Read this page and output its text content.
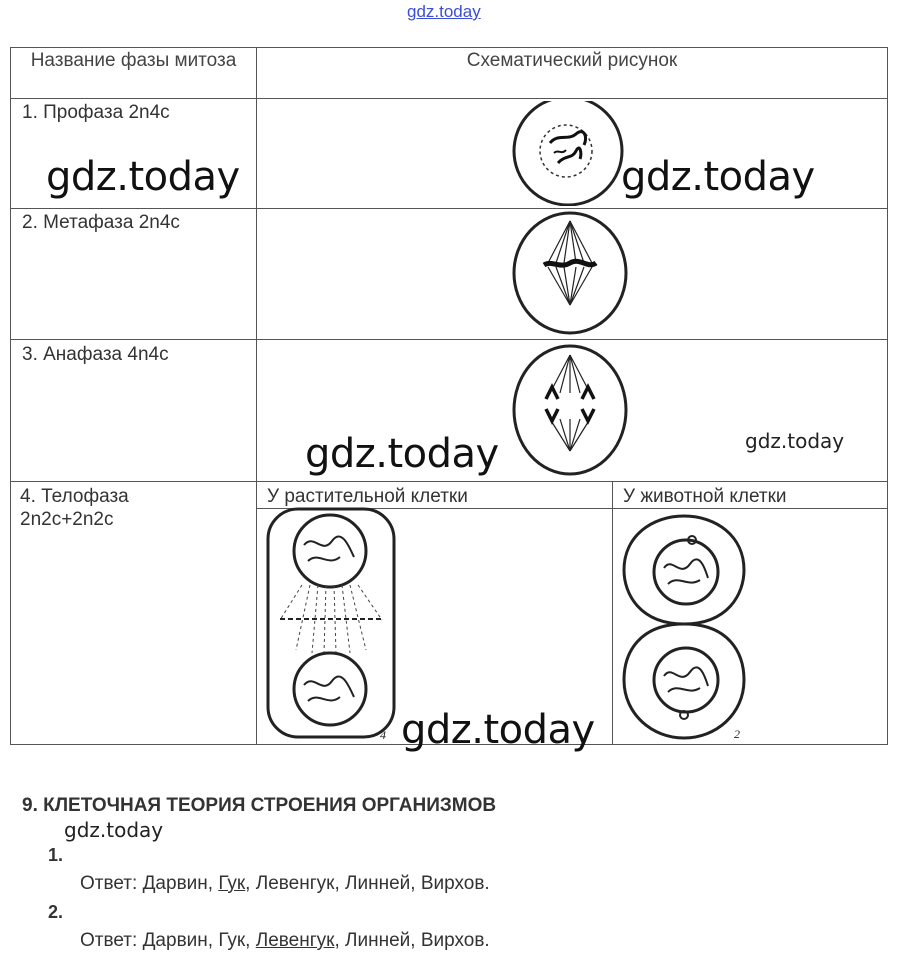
gdz.today
Название фазы митоза	Схематический рисунок
1. Профаза 2n4c
2. Метафаза 2n4c
3. Анафаза 4n4c
4. Телофаза 2n2c+2n2c
У растительной клетки	У животной клетки
4	2
gdz.today	gdz.today
gdz.today	gdz.today
gdz.today
9. КЛЕТОЧНАЯ ТЕОРИЯ СТРОЕНИЯ ОРГАНИЗМОВ
gdz.today
1.
Ответ: Дарвин, Гук, Левенгук, Линней, Вирхов.
2.
Ответ: Дарвин, Гук, Левенгук, Линней, Вирхов.
